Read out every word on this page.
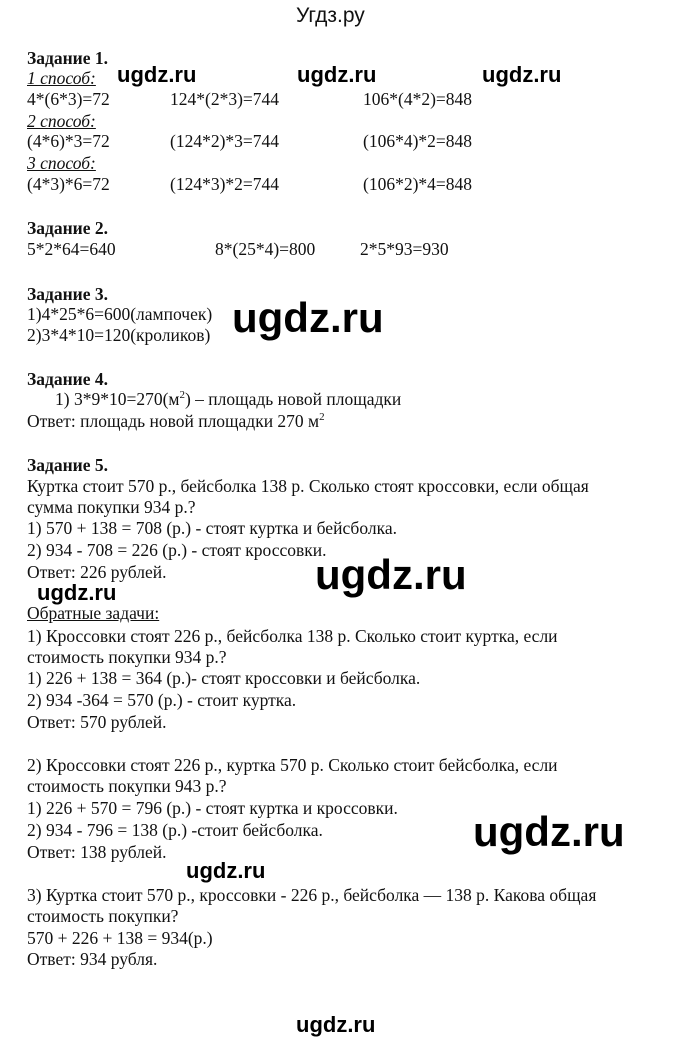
Угдз.ру
Задание 1.
1 способ: ugdz.ru	ugdz.ru	ugdz.ru
4*(6*3)=72	124*(2*3)=744	106*(4*2)=848
2 способ:
(4*6)*3=72	(124*2)*3=744	(106*4)*2=848
3 способ:
(4*3)*6=72	(124*3)*2=744	(106*2)*4=848
Задание 2.
5*2*64=640	8*(25*4)=800	2*5*93=930
Задание 3.
1)4*25*6=600(лампочек)
2)3*4*10=120(кроликов) ugdz.ru
Задание 4.
1) $3*9*10=270(м^2)$ – площадь новой площадки
Ответ: площадь новой площадки 270 $м^2$
Задание 5.
Куртка стоит 570 р., бейсболка 138 р. Сколько стоят кроссовки, если общая
сумма покупки 934 р.?
1) 570 + 138 = 708 (р.) - стоят куртка и бейсболка.
2) 934 - 708 = 226 (р.) - стоят кроссовки.
Ответ: 226 рублей.	ugdz.ru
ugdz.ru
Обратные задачи:
1) Кроссовки стоят 226 р., бейсболка 138 р. Сколько стоит куртка, если
стоимость покупки 934 р.?
1) 226 + 138 = 364 (р.)- стоят кроссовки и бейсболка.
2) 934 -364 = 570 (р.) - стоит куртка.
Ответ: 570 рублей.
2) Кроссовки стоят 226 р., куртка 570 р. Сколько стоит бейсболка, если
стоимость покупки 943 р.?
1) 226 + 570 = 796 (р.) - стоят куртка и кроссовки.
2) 934 - 796 = 138 (р.) -стоит бейсболка.
Ответ: 138 рублей.	ugdz.ru
ugdz.ru
3) Куртка стоит 570 р., кроссовки - 226 р., бейсболка — 138 р. Какова общая
стоимость покупки?
570 + 226 + 138 = 934(р.)
Ответ: 934 рубля.
ugdz.ru
